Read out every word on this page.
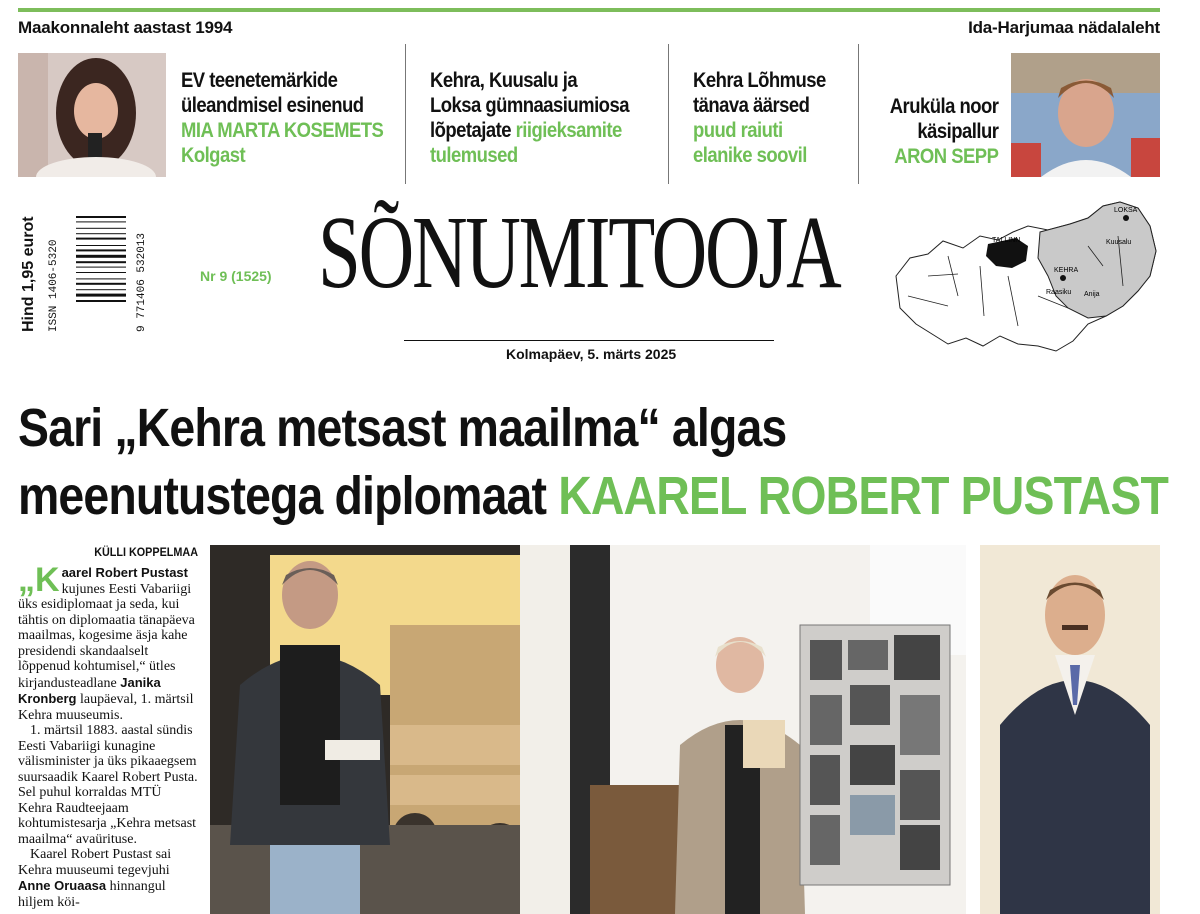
Maakonnaleht aastast 1994	Ida-Harjumaa nädalaleht
EV teenetemärkide
üleandmisel esinenud
MIA MARTA KOSEMETS
Kolgast
Kehra, Kuusalu ja
Loksa gümnaasiumiosa
lõpetajate riigieksamite
tulemused
Kehra Lõhmuse
tänava äärsed
puud raiuti
elanike soovil
Aruküla noor
käsipallur
ARON SEPP
Hind 1,95 eurot ISSN 1406-5320	9 771406 532013	Nr 9 (1525) SÕNUMITOOJA
Kolmapäev, 5. märts 2025
TALLINN
LOKSA
Kuusalu
KEHRA
Raasiku Anija
Sari „Kehra metsast maailma“ algas
meenutustega diplomaat KAAREL ROBERT PUSTAST
KÜLLI KOPPELMAA
„K aarel Robert Pustast kujunes Eesti Vabariigi üks esidiplomaat ja seda, kui tähtis on diplomaatia tänapäeva maailmas, kogesime äsja kahe presidendi skandaalselt lõppenud kohtumisel,“ ütles kirjandusteadlane Janika Kronberg laupäeval, 1. märtsil Kehra muuseumis.
1. märtsil 1883. aastal sündis Eesti Vabariigi kunagine välisminister ja üks pikaaegsem suursaadik Kaarel Robert Pusta. Sel puhul korraldas MTÜ Kehra Raudteejaam kohtumistesarja „Kehra metsast maailma“ avaürituse.
Kaarel Robert Pustast sai Kehra muuseumi tegevjuhi Anne Oruaasa hinnangul hiljem köi-
